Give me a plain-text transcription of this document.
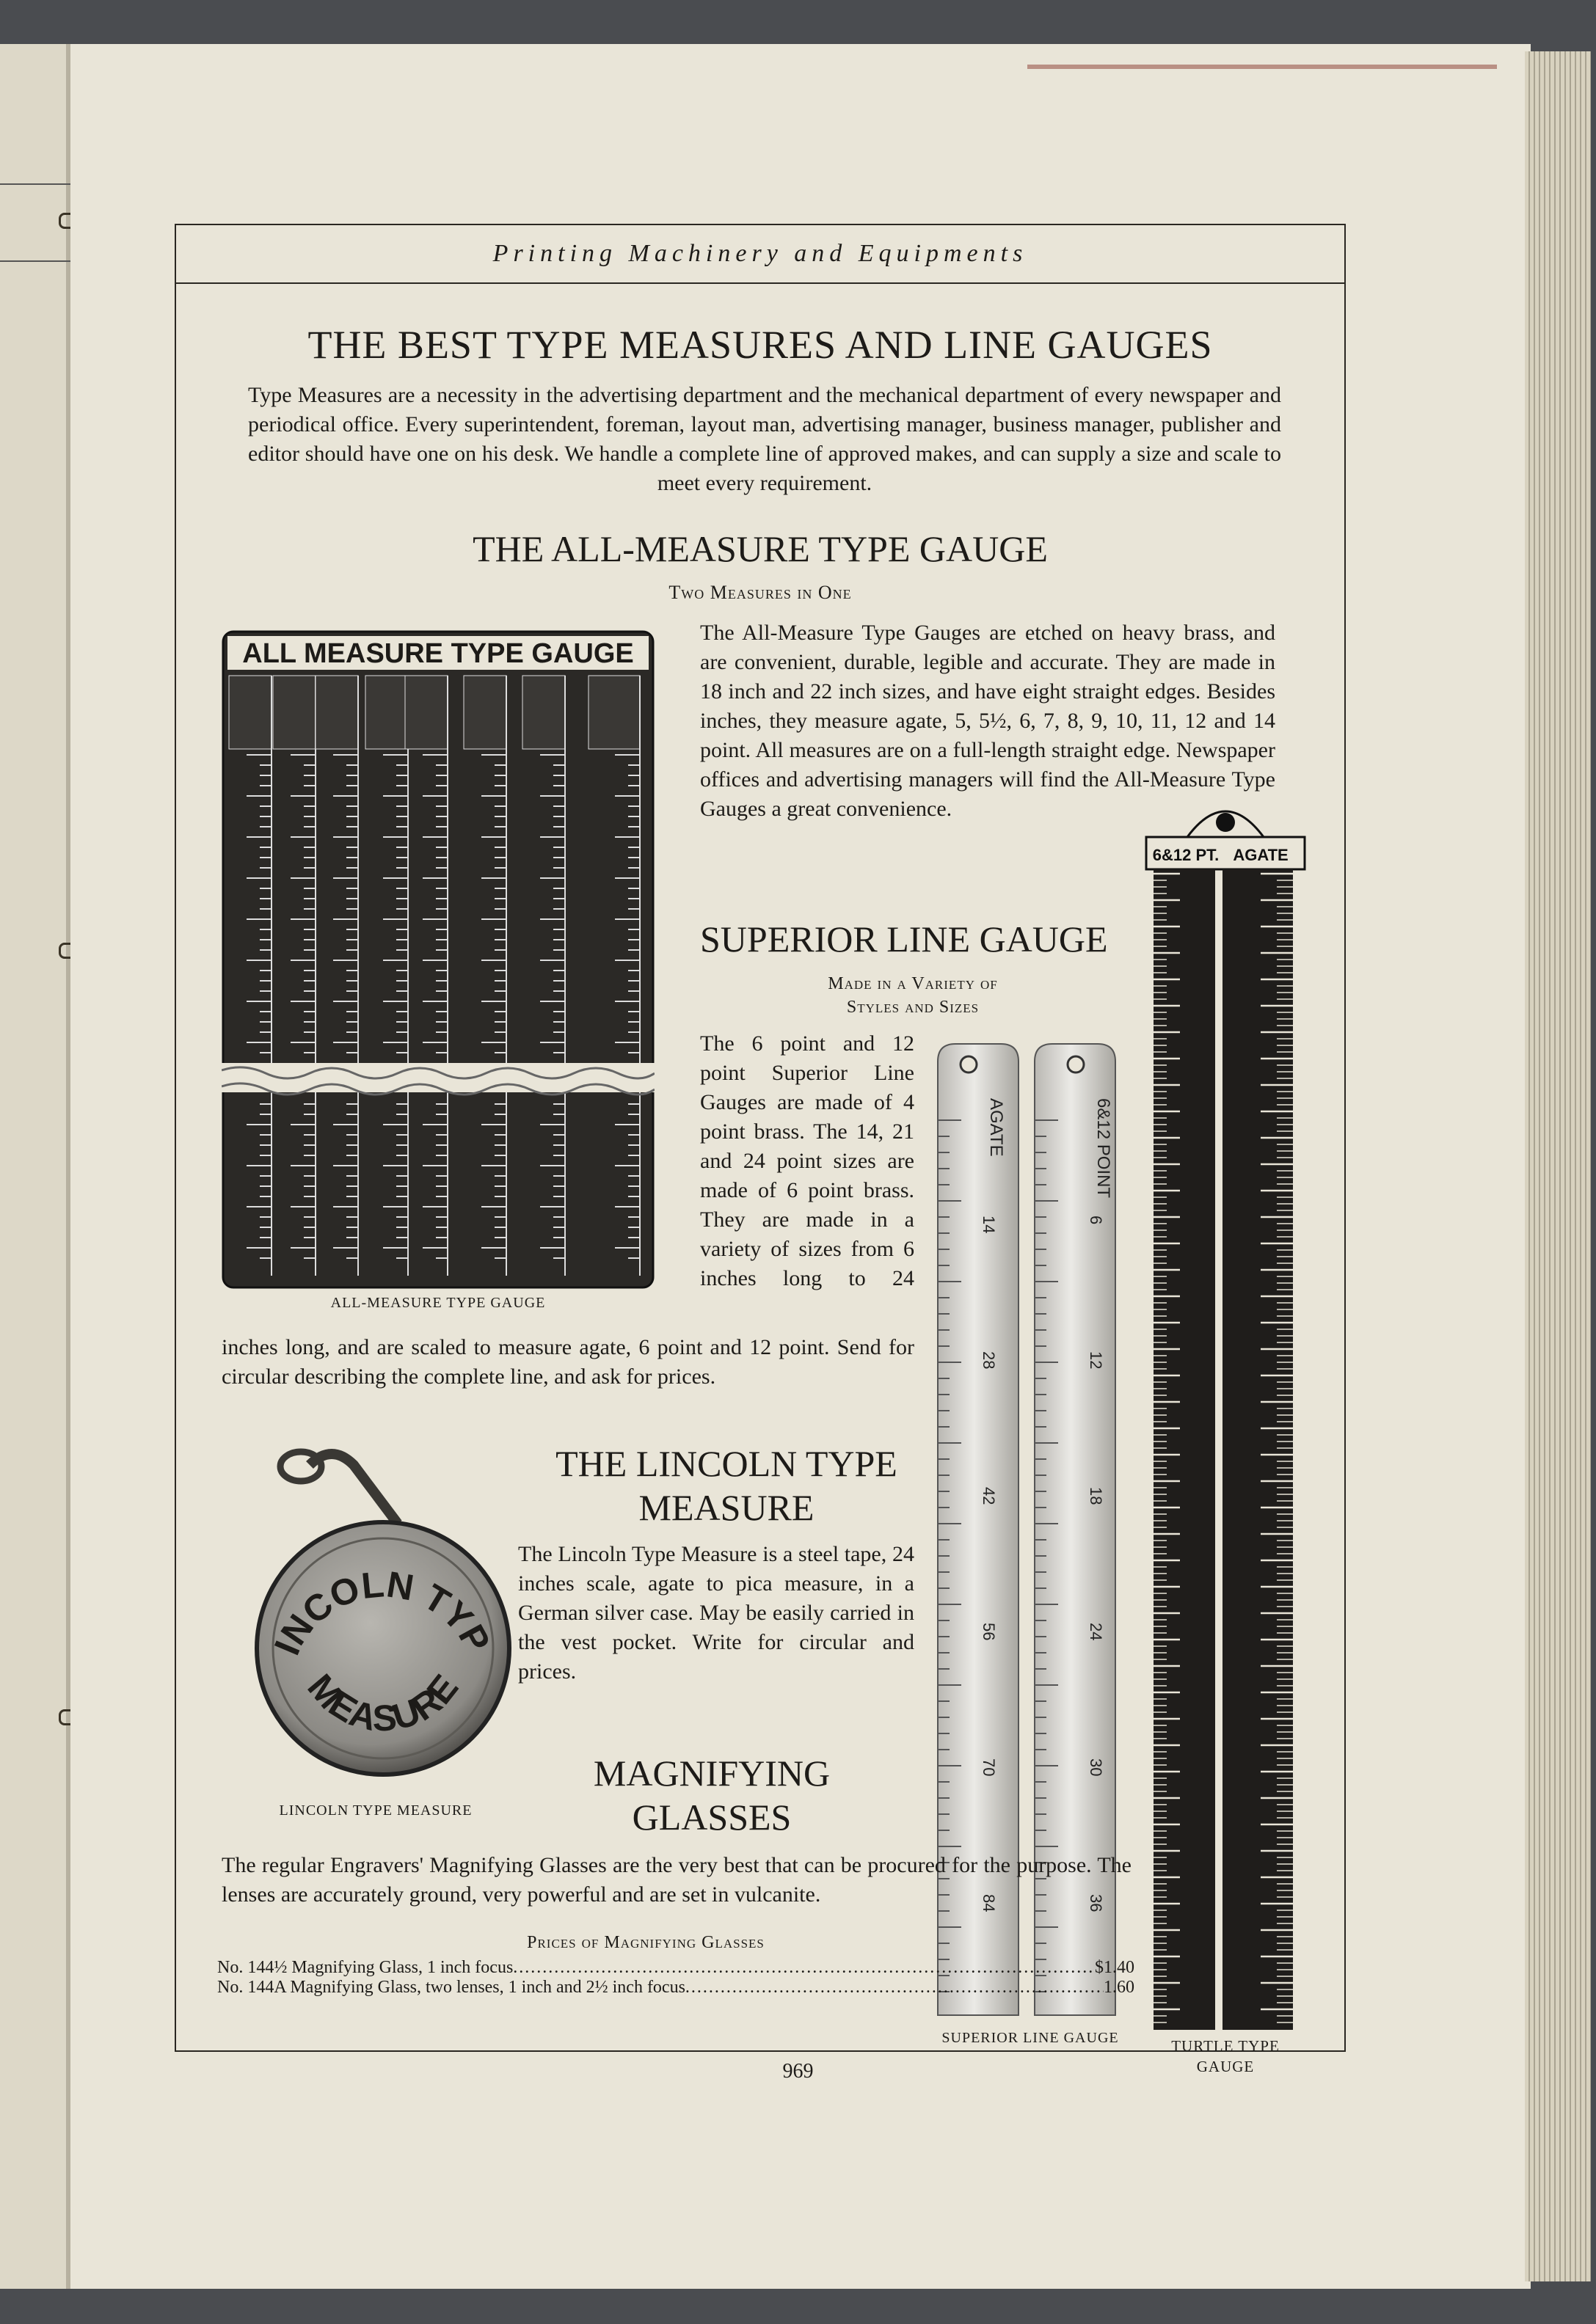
Printing Machinery and Equipments
THE BEST TYPE MEASURES AND LINE GAUGES

Type Measures are a necessity in the advertising department and the mechanical department of every newspaper and periodical office. Every superintendent, foreman, layout man, advertising manager, business manager, publisher and editor should have one on his desk. We handle a complete line of approved makes, and can supply a size and scale to meet every requirement.

THE ALL-MEASURE TYPE GAUGE
Two Measures in One
ALL MEASURE TYPE GAUGE
ALL-MEASURE TYPE GAUGE

The All-Measure Type Gauges are etched on heavy brass, and are convenient, durable, legible and accurate. They are made in 18 inch and 22 inch sizes, and have eight straight edges. Besides inches, they measure agate, 5, 5½, 6, 7, 8, 9, 10, 11, 12 and 14 point. All measures are on a full-length straight edge. Newspaper offices and advertising managers will find the All-Measure Type Gauges a great convenience.

6&12 PT. AGATE
TURTLE TYPE
GAUGE
SUPERIOR LINE GAUGE
Made in a Variety of
Styles and Sizes

The 6 point and 12 point Superior Line Gauges are made of 4 point brass. The 14, 21 and 24 point sizes are made of 6 point brass. They are made in a variety of sizes from 6 inches long to 24

inches long, and are scaled to measure agate, 6 point and 12 point. Send for circular describing the complete line, and ask for prices.

14
28
42
56
70
84
6
12
18
24
30
36
AGATE	6&12 POINT
SUPERIOR LINE GAUGE
INCOLN TYP
MEASURE
LINCOLN TYPE MEASURE
THE LINCOLN TYPE
MEASURE

The Lincoln Type Measure is a steel tape, 24 inches scale, agate to pica measure, in a German silver case. May be easily carried in the vest pocket. Write for circular and prices.

MAGNIFYING
GLASSES

The regular Engravers' Magnifying Glasses are the very best that can be procured for the purpose. The lenses are accurately ground, very powerful and are set in vulcanite.

Prices of Magnifying Glasses
No. 144½ Magnifying Glass, 1 inch focus . . .	$1.40
No. 144A Magnifying Glass, two lenses, 1 inch and 2½ inch focus . . .	1.60
969
